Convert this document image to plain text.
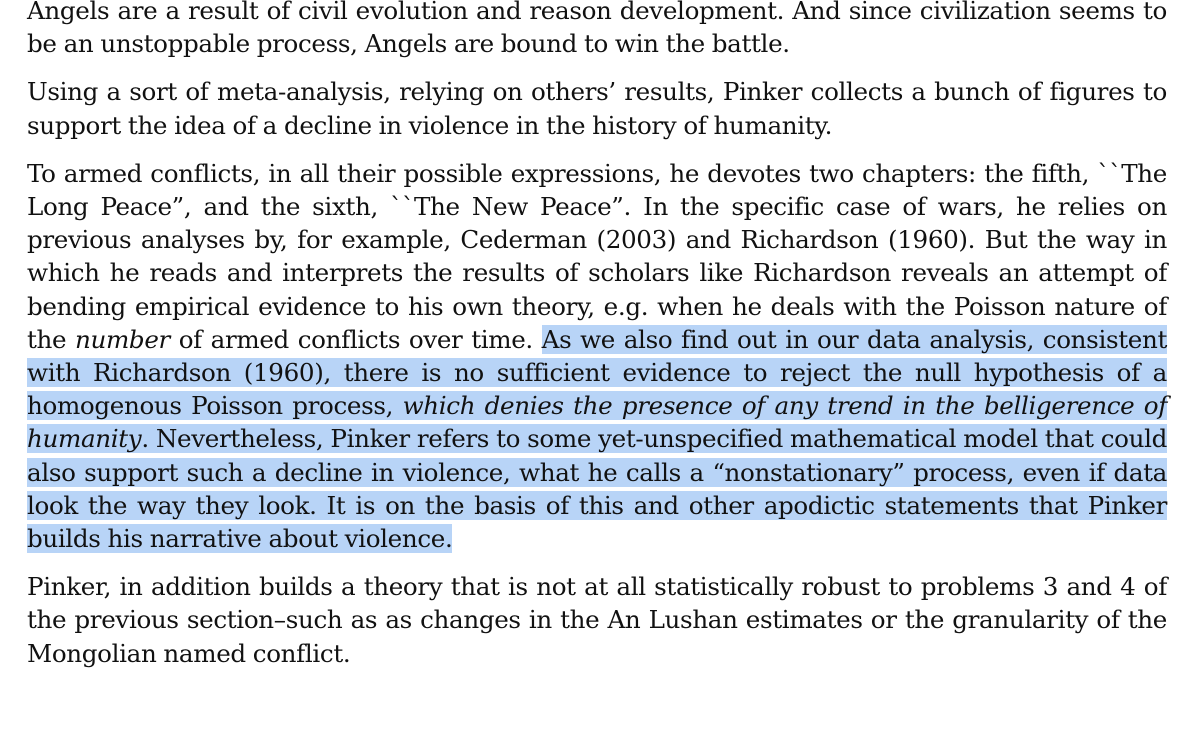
Angels are a result of civil evolution and reason development. And since civilization seems to be an unstoppable process, Angels are bound to win the battle.

Using a sort of meta-analysis, relying on others’ results, Pinker collects a bunch of figures to support the idea of a decline in violence in the history of humanity.

To armed conflicts, in all their possible expressions, he devotes two chapters: the fifth, ``The Long Peace”, and the sixth, ``The New Peace”. In the specific case of wars, he relies on previous analyses by, for example, Cederman (2003) and Richardson (1960). But the way in which he reads and interprets the results of scholars like Richardson reveals an attempt of bending empirical evidence to his own theory, e.g. when he deals with the Poisson nature of the number of armed conflicts over time. As we also find out in our data analysis, consistent with Richardson (1960), there is no sufficient evidence to reject the null hypothesis of a homogenous Poisson process, which denies the presence of any trend in the belligerence of humanity. Nevertheless, Pinker refers to some yet-unspecified mathematical model that could also support such a decline in violence, what he calls a “nonstationary” process, even if data look the way they look. It is on the basis of this and other apodictic statements that Pinker builds his narrative about violence.

Pinker, in addition builds a theory that is not at all statistically robust to problems 3 and 4 of the previous section–such as as changes in the An Lushan estimates or the granularity of the Mongolian named conflict.
